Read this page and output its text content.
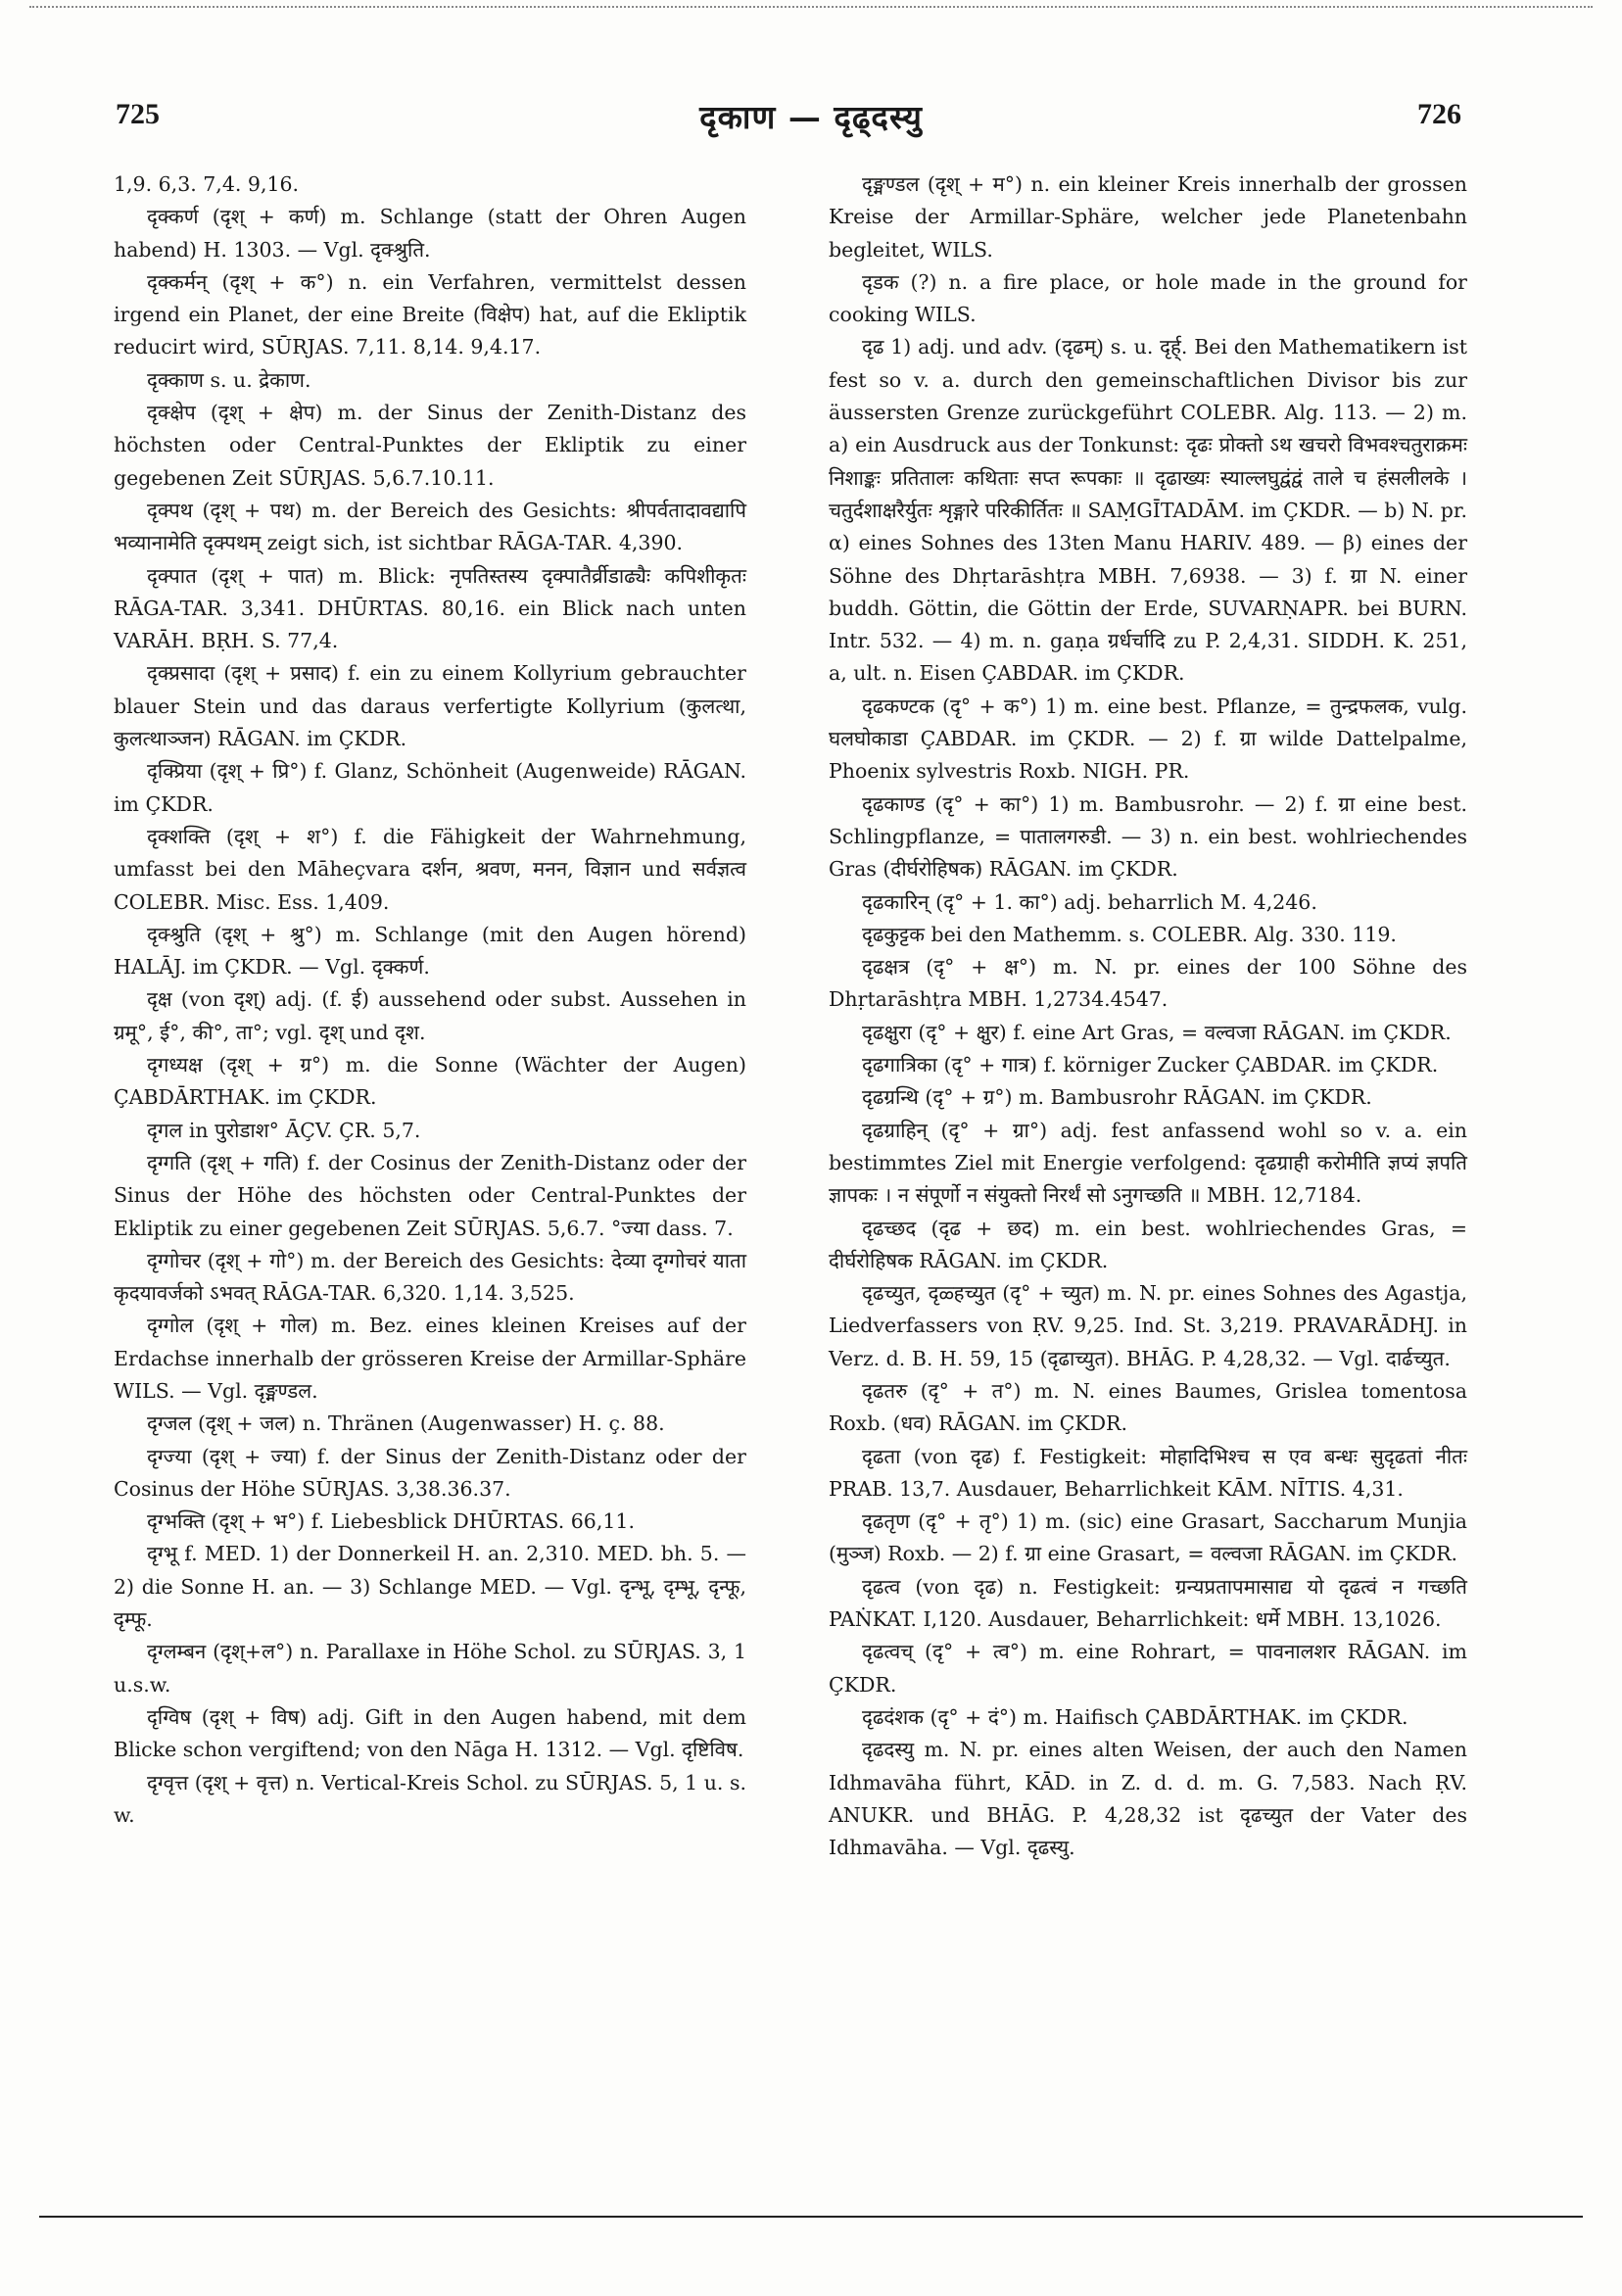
725	दृकाण — दृढ्दस्यु	726

1,9. 6,3. 7,4. 9,16.

दृक्कर्ण (दृश् + कर्ण) m. Schlange (statt der Ohren Augen habend) H. 1303. — Vgl. दृक्श्रुति.

दृक्कर्मन् (दृश् + क°) n. ein Verfahren, vermittelst dessen irgend ein Planet, der eine Breite (विक्षेप) hat, auf die Ekliptik reducirt wird, SŪRJAS. 7,11. 8,14. 9,4.17.

दृक्काण s. u. द्रेकाण.

दृक्क्षेप (दृश् + क्षेप) m. der Sinus der Zenith-Distanz des höchsten oder Central-Punktes der Ekliptik zu einer gegebenen Zeit SŪRJAS. 5,6.7.10.11.

दृक्पथ (दृश् + पथ) m. der Bereich des Gesichts: श्रीपर्वतादावद्यापि भव्यानामेति दृक्पथम् zeigt sich, ist sichtbar RĀGA-TAR. 4,390.

दृक्पात (दृश् + पात) m. Blick: नृपतिस्तस्य दृक्पातैर्व्रीडाढ्यैः कपिशीकृतः RĀGA-TAR. 3,341. DHŪRTAS. 80,16. ein Blick nach unten VARĀH. BṚH. S. 77,4.

दृक्प्रसादा (दृश् + प्रसाद) f. ein zu einem Kollyrium gebrauchter blauer Stein und das daraus verfertigte Kollyrium (कुलत्था, कुलत्थाञ्जन) RĀGAN. im ÇKDR.

दृक्प्रिया (दृश् + प्रि°) f. Glanz, Schönheit (Augenweide) RĀGAN. im ÇKDR.

दृक्शक्ति (दृश् + श°) f. die Fähigkeit der Wahrnehmung, umfasst bei den Māheçvara दर्शन, श्रवण, मनन, विज्ञान und सर्वज्ञत्व COLEBR. Misc. Ess. 1,409.

दृक्श्रुति (दृश् + श्रु°) m. Schlange (mit den Augen hörend) HALĀJ. im ÇKDR. — Vgl. दृक्कर्ण.

दृक्ष (von दृश्) adj. (f. ई) aussehend oder subst. Aussehen in ग्रमू°, ई°, की°, ता°; vgl. दृश् und दृश.

दृगध्यक्ष (दृश् + ग्र°) m. die Sonne (Wächter der Augen) ÇABDĀRTHAK. im ÇKDR.

दृगल in पुरोडाश° ĀÇV. ÇR. 5,7.

दृग्गति (दृश् + गति) f. der Cosinus der Zenith-Distanz oder der Sinus der Höhe des höchsten oder Central-Punktes der Ekliptik zu einer gegebenen Zeit SŪRJAS. 5,6.7. °ज्या dass. 7.

दृग्गोचर (दृश् + गो°) m. der Bereich des Gesichts: देव्या दृग्गोचरं याता कृदयावर्जको ऽभवत् RĀGA-TAR. 6,320. 1,14. 3,525.

दृग्गोल (दृश् + गोल) m. Bez. eines kleinen Kreises auf der Erdachse innerhalb der grösseren Kreise der Armillar-Sphäre WILS. — Vgl. दृङ्मण्डल.

दृग्जल (दृश् + जल) n. Thränen (Augenwasser) H. ç. 88.

दृग्ज्या (दृश् + ज्या) f. der Sinus der Zenith-Distanz oder der Cosinus der Höhe SŪRJAS. 3,38.36.37.

दृग्भक्ति (दृश् + भ°) f. Liebesblick DHŪRTAS. 66,11.

दृग्भू f. MED. 1) der Donnerkeil H. an. 2,310. MED. bh. 5. — 2) die Sonne H. an. — 3) Schlange MED. — Vgl. दृन्भू, दृम्भू, दृन्फू, दृम्फू.

दृग्लम्बन (दृश्+ल°) n. Parallaxe in Höhe Schol. zu SŪRJAS. 3, 1 u.s.w.

दृग्विष (दृश् + विष) adj. Gift in den Augen habend, mit dem Blicke schon vergiftend; von den Nāga H. 1312. — Vgl. दृष्टिविष.

दृग्वृत्त (दृश् + वृत्त) n. Vertical-Kreis Schol. zu SŪRJAS. 5, 1 u. s. w.

दृङ्मण्डल (दृश् + म°) n. ein kleiner Kreis innerhalb der grossen Kreise der Armillar-Sphäre, welcher jede Planetenbahn begleitet, WILS.

दृडक (?) n. a fire place, or hole made in the ground for cooking WILS.

दृढ 1) adj. und adv. (दृढम्) s. u. दृर्ह्. Bei den Mathematikern ist fest so v. a. durch den gemeinschaftlichen Divisor bis zur äussersten Grenze zurückgeführt COLEBR. Alg. 113. — 2) m. a) ein Ausdruck aus der Tonkunst: दृढः प्रोक्तो ऽथ खचरो विभवश्चतुराक्रमः निशाङ्कः प्रतितालः कथिताः सप्त रूपकाः ॥ दृढाख्यः स्याल्लघुद्वंद्वं ताले च हंसलीलके । चतुर्दशाक्षरैर्युतः शृङ्गारे परिकीर्तितः ॥ SAṂGĪTADĀM. im ÇKDR. — b) N. pr. α) eines Sohnes des 13ten Manu HARIV. 489. — β) eines der Söhne des Dhṛtarāshṭra MBH. 7,6938. — 3) f. ग्रा N. einer buddh. Göttin, die Göttin der Erde, SUVARṆAPR. bei BURN. Intr. 532. — 4) m. n. gaṇa ग्रर्धर्चादि zu P. 2,4,31. SIDDH. K. 251, a, ult. n. Eisen ÇABDAR. im ÇKDR.

दृढकण्टक (दृ° + क°) 1) m. eine best. Pflanze, = तुन्द्रफलक, vulg. घलघोकाडा ÇABDAR. im ÇKDR. — 2) f. ग्रा wilde Dattelpalme, Phoenix sylvestris Roxb. NIGH. PR.

दृढकाण्ड (दृ° + का°) 1) m. Bambusrohr. — 2) f. ग्रा eine best. Schlingpflanze, = पातालगरुडी. — 3) n. ein best. wohlriechendes Gras (दीर्घरोहिषक) RĀGAN. im ÇKDR.

दृढकारिन् (दृ° + 1. का°) adj. beharrlich M. 4,246.

दृढकुट्टक bei den Mathemm. s. COLEBR. Alg. 330. 119.

दृढक्षत्र (दृ° + क्ष°) m. N. pr. eines der 100 Söhne des Dhṛtarāshṭra MBH. 1,2734.4547.

दृढक्षुरा (दृ° + क्षुर) f. eine Art Gras, = वल्वजा RĀGAN. im ÇKDR.

दृढगात्रिका (दृ° + गात्र) f. körniger Zucker ÇABDAR. im ÇKDR.

दृढग्रन्थि (दृ° + ग्र°) m. Bambusrohr RĀGAN. im ÇKDR.

दृढग्राहिन् (दृ° + ग्रा°) adj. fest anfassend wohl so v. a. ein bestimmtes Ziel mit Energie verfolgend: दृढग्राही करोमीति ज्ञप्यं ज्ञपति ज्ञापकः । न संपूर्णो न संयुक्तो निरर्थं सो ऽनुगच्छति ॥ MBH. 12,7184.

दृढच्छद (दृढ + छद) m. ein best. wohlriechendes Gras, = दीर्घरोहिषक RĀGAN. im ÇKDR.

दृढच्युत, दृळ्हच्युत (दृ° + च्युत) m. N. pr. eines Sohnes des Agastja, Liedverfassers von ṚV. 9,25. Ind. St. 3,219. PRAVARĀDHJ. in Verz. d. B. H. 59, 15 (दृढाच्युत). BHĀG. P. 4,28,32. — Vgl. दार्ढच्युत.

दृढतरु (दृ° + त°) m. N. eines Baumes, Grislea tomentosa Roxb. (धव) RĀGAN. im ÇKDR.

दृढता (von दृढ) f. Festigkeit: मोहादिभिश्च स एव बन्धः सुदृढतां नीतः PRAB. 13,7. Ausdauer, Beharrlichkeit KĀM. NĪTIS. 4,31.

दृढतृण (दृ° + तृ°) 1) m. (sic) eine Grasart, Saccharum Munjia (मुञ्ज) Roxb. — 2) f. ग्रा eine Grasart, = वल्वजा RĀGAN. im ÇKDR.

दृढत्व (von दृढ) n. Festigkeit: ग्रन्यप्रतापमासाद्य यो दृढत्वं न गच्छति PAṄKAT. I,120. Ausdauer, Beharrlichkeit: धर्मे MBH. 13,1026.

दृढत्वच् (दृ° + त्व°) m. eine Rohrart, = पावनालशर RĀGAN. im ÇKDR.

दृढदंशक (दृ° + दं°) m. Haifisch ÇABDĀRTHAK. im ÇKDR.

दृढदस्यु m. N. pr. eines alten Weisen, der auch den Namen Idhmavāha führt, KĀD. in Z. d. d. m. G. 7,583. Nach ṚV. ANUKR. und BHĀG. P. 4,28,32 ist दृढच्युत der Vater des Idhmavāha. — Vgl. दृढस्यु.
